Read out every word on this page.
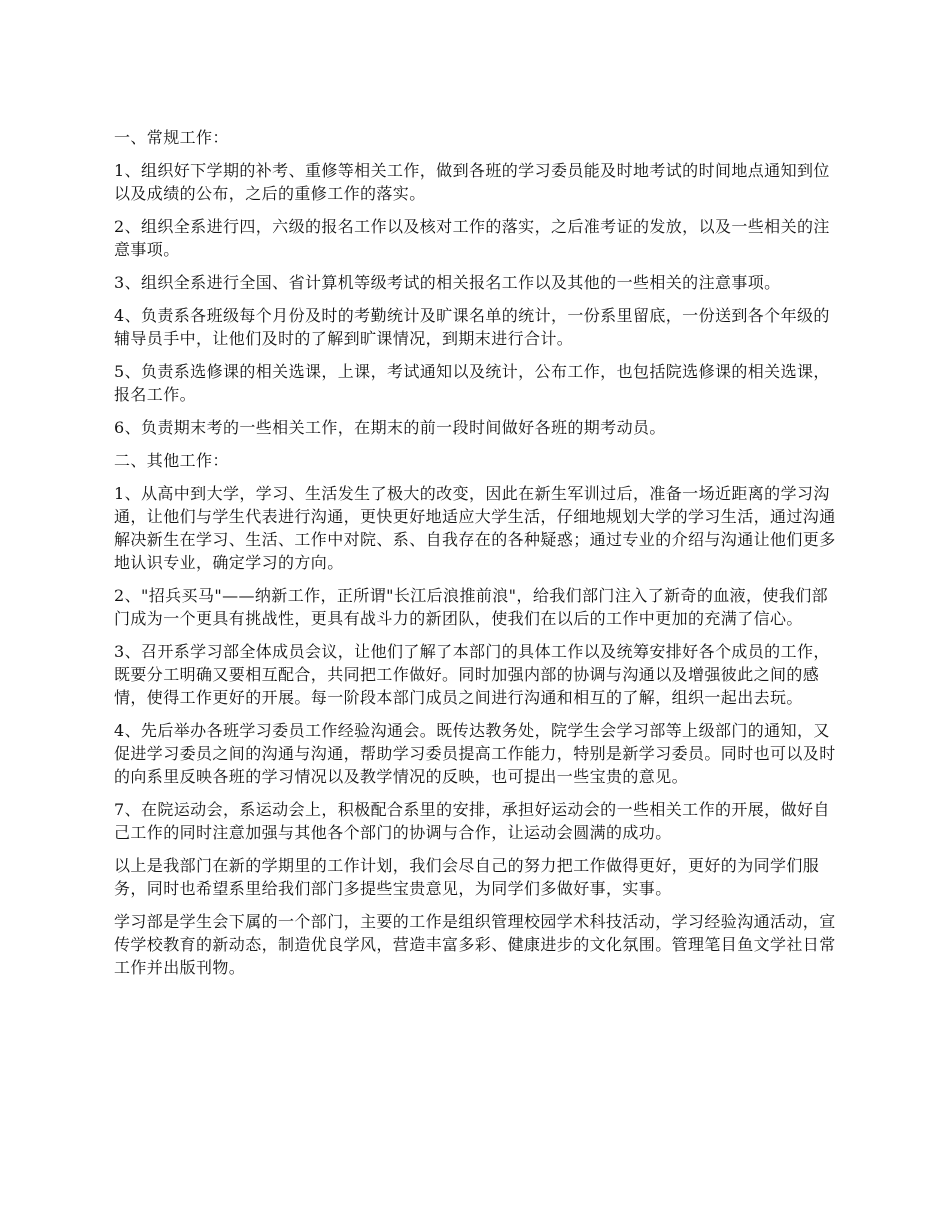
一、常规工作：

1、组织好下学期的补考、重修等相关工作，做到各班的学习委员能及时地考试的时间地点通知到位以及成绩的公布，之后的重修工作的落实。

2、组织全系进行四，六级的报名工作以及核对工作的落实，之后准考证的发放，以及一些相关的注意事项。

3、组织全系进行全国、省计算机等级考试的相关报名工作以及其他的一些相关的注意事项。

4、负责系各班级每个月份及时的考勤统计及旷课名单的统计，一份系里留底，一份送到各个年级的辅导员手中，让他们及时的了解到旷课情况，到期末进行合计。

5、负责系选修课的相关选课，上课，考试通知以及统计，公布工作，也包括院选修课的相关选课，报名工作。

6、负责期末考的一些相关工作，在期末的前一段时间做好各班的期考动员。

二、其他工作：

1、从高中到大学，学习、生活发生了极大的改变，因此在新生军训过后，准备一场近距离的学习沟通，让他们与学生代表进行沟通，更快更好地适应大学生活，仔细地规划大学的学习生活，通过沟通解决新生在学习、生活、工作中对院、系、自我存在的各种疑惑；通过专业的介绍与沟通让他们更多地认识专业，确定学习的方向。

2、"招兵买马"——纳新工作，正所谓"长江后浪推前浪"，给我们部门注入了新奇的血液，使我们部门成为一个更具有挑战性，更具有战斗力的新团队，使我们在以后的工作中更加的充满了信心。

3、召开系学习部全体成员会议，让他们了解了本部门的具体工作以及统筹安排好各个成员的工作，既要分工明确又要相互配合，共同把工作做好。同时加强内部的协调与沟通以及增强彼此之间的感情，使得工作更好的开展。每一阶段本部门成员之间进行沟通和相互的了解，组织一起出去玩。

4、先后举办各班学习委员工作经验沟通会。既传达教务处，院学生会学习部等上级部门的通知，又促进学习委员之间的沟通与沟通，帮助学习委员提高工作能力，特别是新学习委员。同时也可以及时的向系里反映各班的学习情况以及教学情况的反映，也可提出一些宝贵的意见。

7、在院运动会，系运动会上，积极配合系里的安排，承担好运动会的一些相关工作的开展，做好自己工作的同时注意加强与其他各个部门的协调与合作，让运动会圆满的成功。

以上是我部门在新的学期里的工作计划，我们会尽自己的努力把工作做得更好，更好的为同学们服务，同时也希望系里给我们部门多提些宝贵意见，为同学们多做好事，实事。

学习部是学生会下属的一个部门，主要的工作是组织管理校园学术科技活动，学习经验沟通活动，宣传学校教育的新动态，制造优良学风，营造丰富多彩、健康进步的文化氛围。管理笔目鱼文学社日常工作并出版刊物。
